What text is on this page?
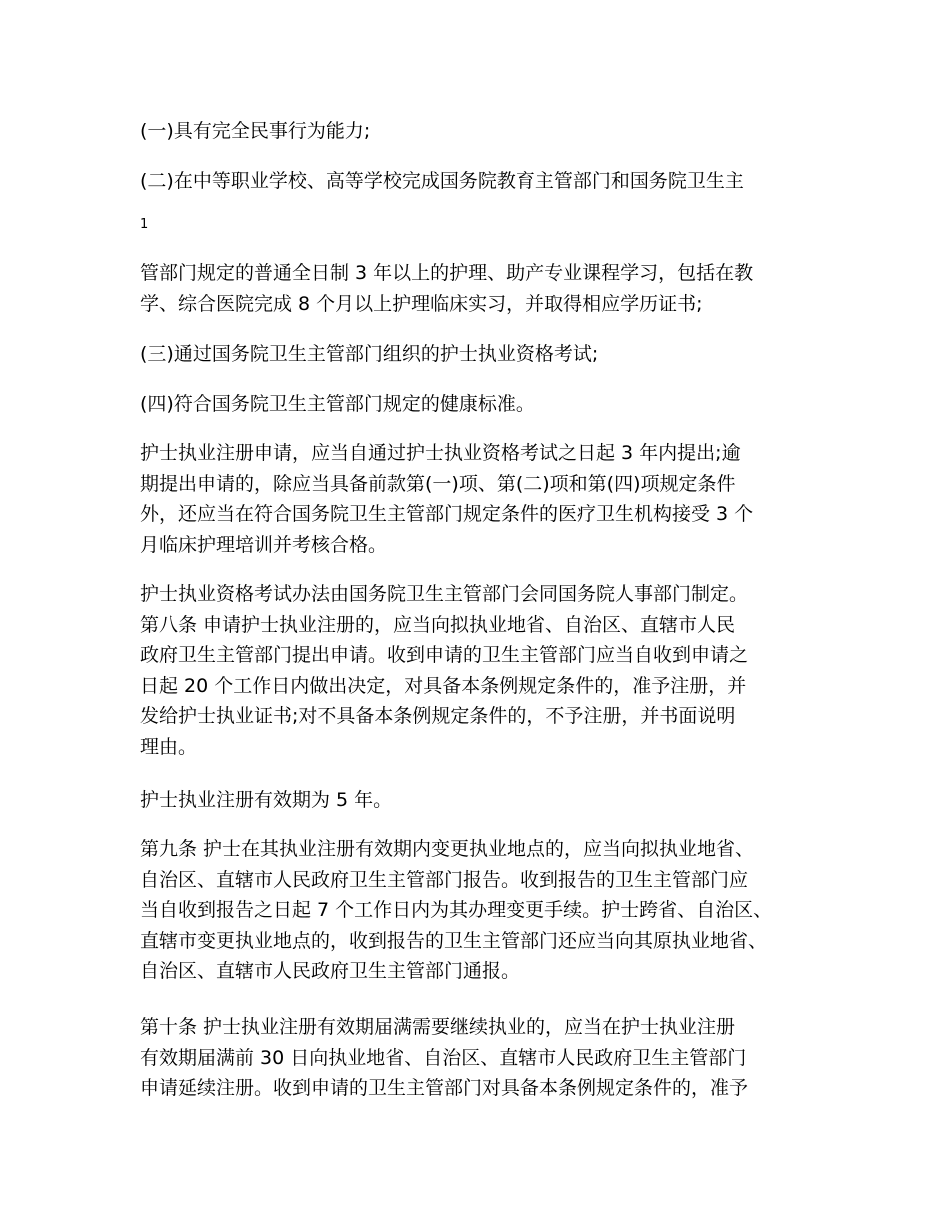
(一)具有完全民事行为能力;

(二)在中等职业学校、高等学校完成国务院教育主管部门和国务院卫生主

1

管部门规定的普通全日制 3 年以上的护理、助产专业课程学习，包括在教
学、综合医院完成 8 个月以上护理临床实习，并取得相应学历证书;

(三)通过国务院卫生主管部门组织的护士执业资格考试;

(四)符合国务院卫生主管部门规定的健康标准。

护士执业注册申请，应当自通过护士执业资格考试之日起 3 年内提出;逾
期提出申请的，除应当具备前款第(一)项、第(二)项和第(四)项规定条件
外，还应当在符合国务院卫生主管部门规定条件的医疗卫生机构接受 3 个
月临床护理培训并考核合格。

护士执业资格考试办法由国务院卫生主管部门会同国务院人事部门制定。
第八条 申请护士执业注册的，应当向拟执业地省、自治区、直辖市人民
政府卫生主管部门提出申请。收到申请的卫生主管部门应当自收到申请之
日起 20 个工作日内做出决定，对具备本条例规定条件的，准予注册，并
发给护士执业证书;对不具备本条例规定条件的，不予注册，并书面说明
理由。

护士执业注册有效期为 5 年。

第九条 护士在其执业注册有效期内变更执业地点的，应当向拟执业地省、
自治区、直辖市人民政府卫生主管部门报告。收到报告的卫生主管部门应
当自收到报告之日起 7 个工作日内为其办理变更手续。护士跨省、自治区、
直辖市变更执业地点的，收到报告的卫生主管部门还应当向其原执业地省、
自治区、直辖市人民政府卫生主管部门通报。

第十条 护士执业注册有效期届满需要继续执业的，应当在护士执业注册
有效期届满前 30 日向执业地省、自治区、直辖市人民政府卫生主管部门
申请延续注册。收到申请的卫生主管部门对具备本条例规定条件的，准予
